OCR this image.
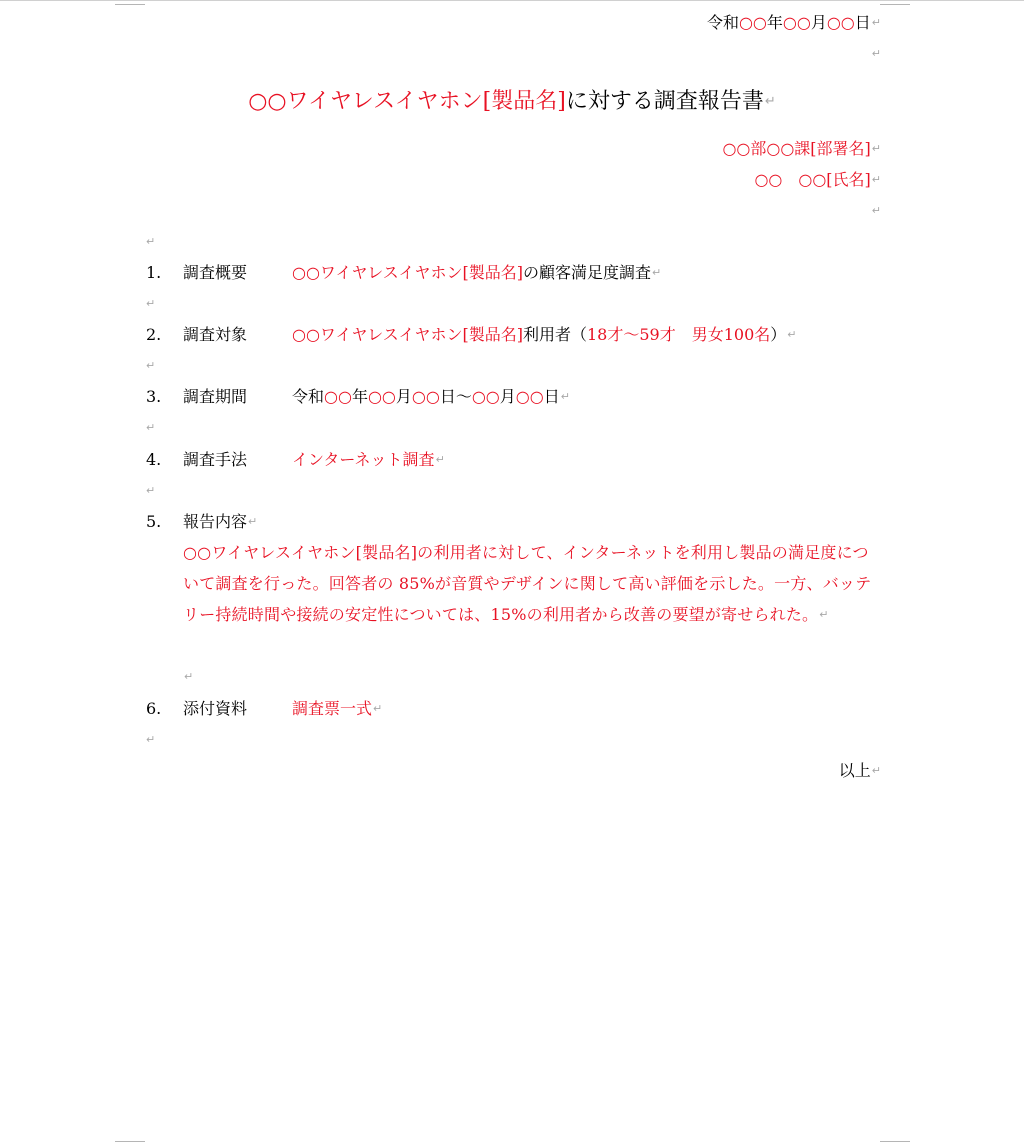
令和○○年○○月○○日↵
↵
○○ワイヤレスイヤホン[製品名]に対する調査報告書↵
○○部○○課[部署名]↵
○○　○○[氏名]↵
↵
↵
1.	調査概要	○○ワイヤレスイヤホン[製品名]の顧客満足度調査↵
↵
2.	調査対象	○○ワイヤレスイヤホン[製品名]利用者（18才～59才　男女100名）↵
↵
3.	調査期間	令和○○年○○月○○日～○○月○○日↵
↵
4.	調査手法	インターネット調査↵
↵
5.	報告内容↵
○○ワイヤレスイヤホン[製品名]の利用者に対して、インターネットを利用し製品の満足度について調査を行った。回答者の 85%が音質やデザインに関して高い評価を示した。一方、バッテリー持続時間や接続の安定性については、15%の利用者から改善の要望が寄せられた。↵
↵
6.	添付資料	調査票一式↵
↵
以上↵
